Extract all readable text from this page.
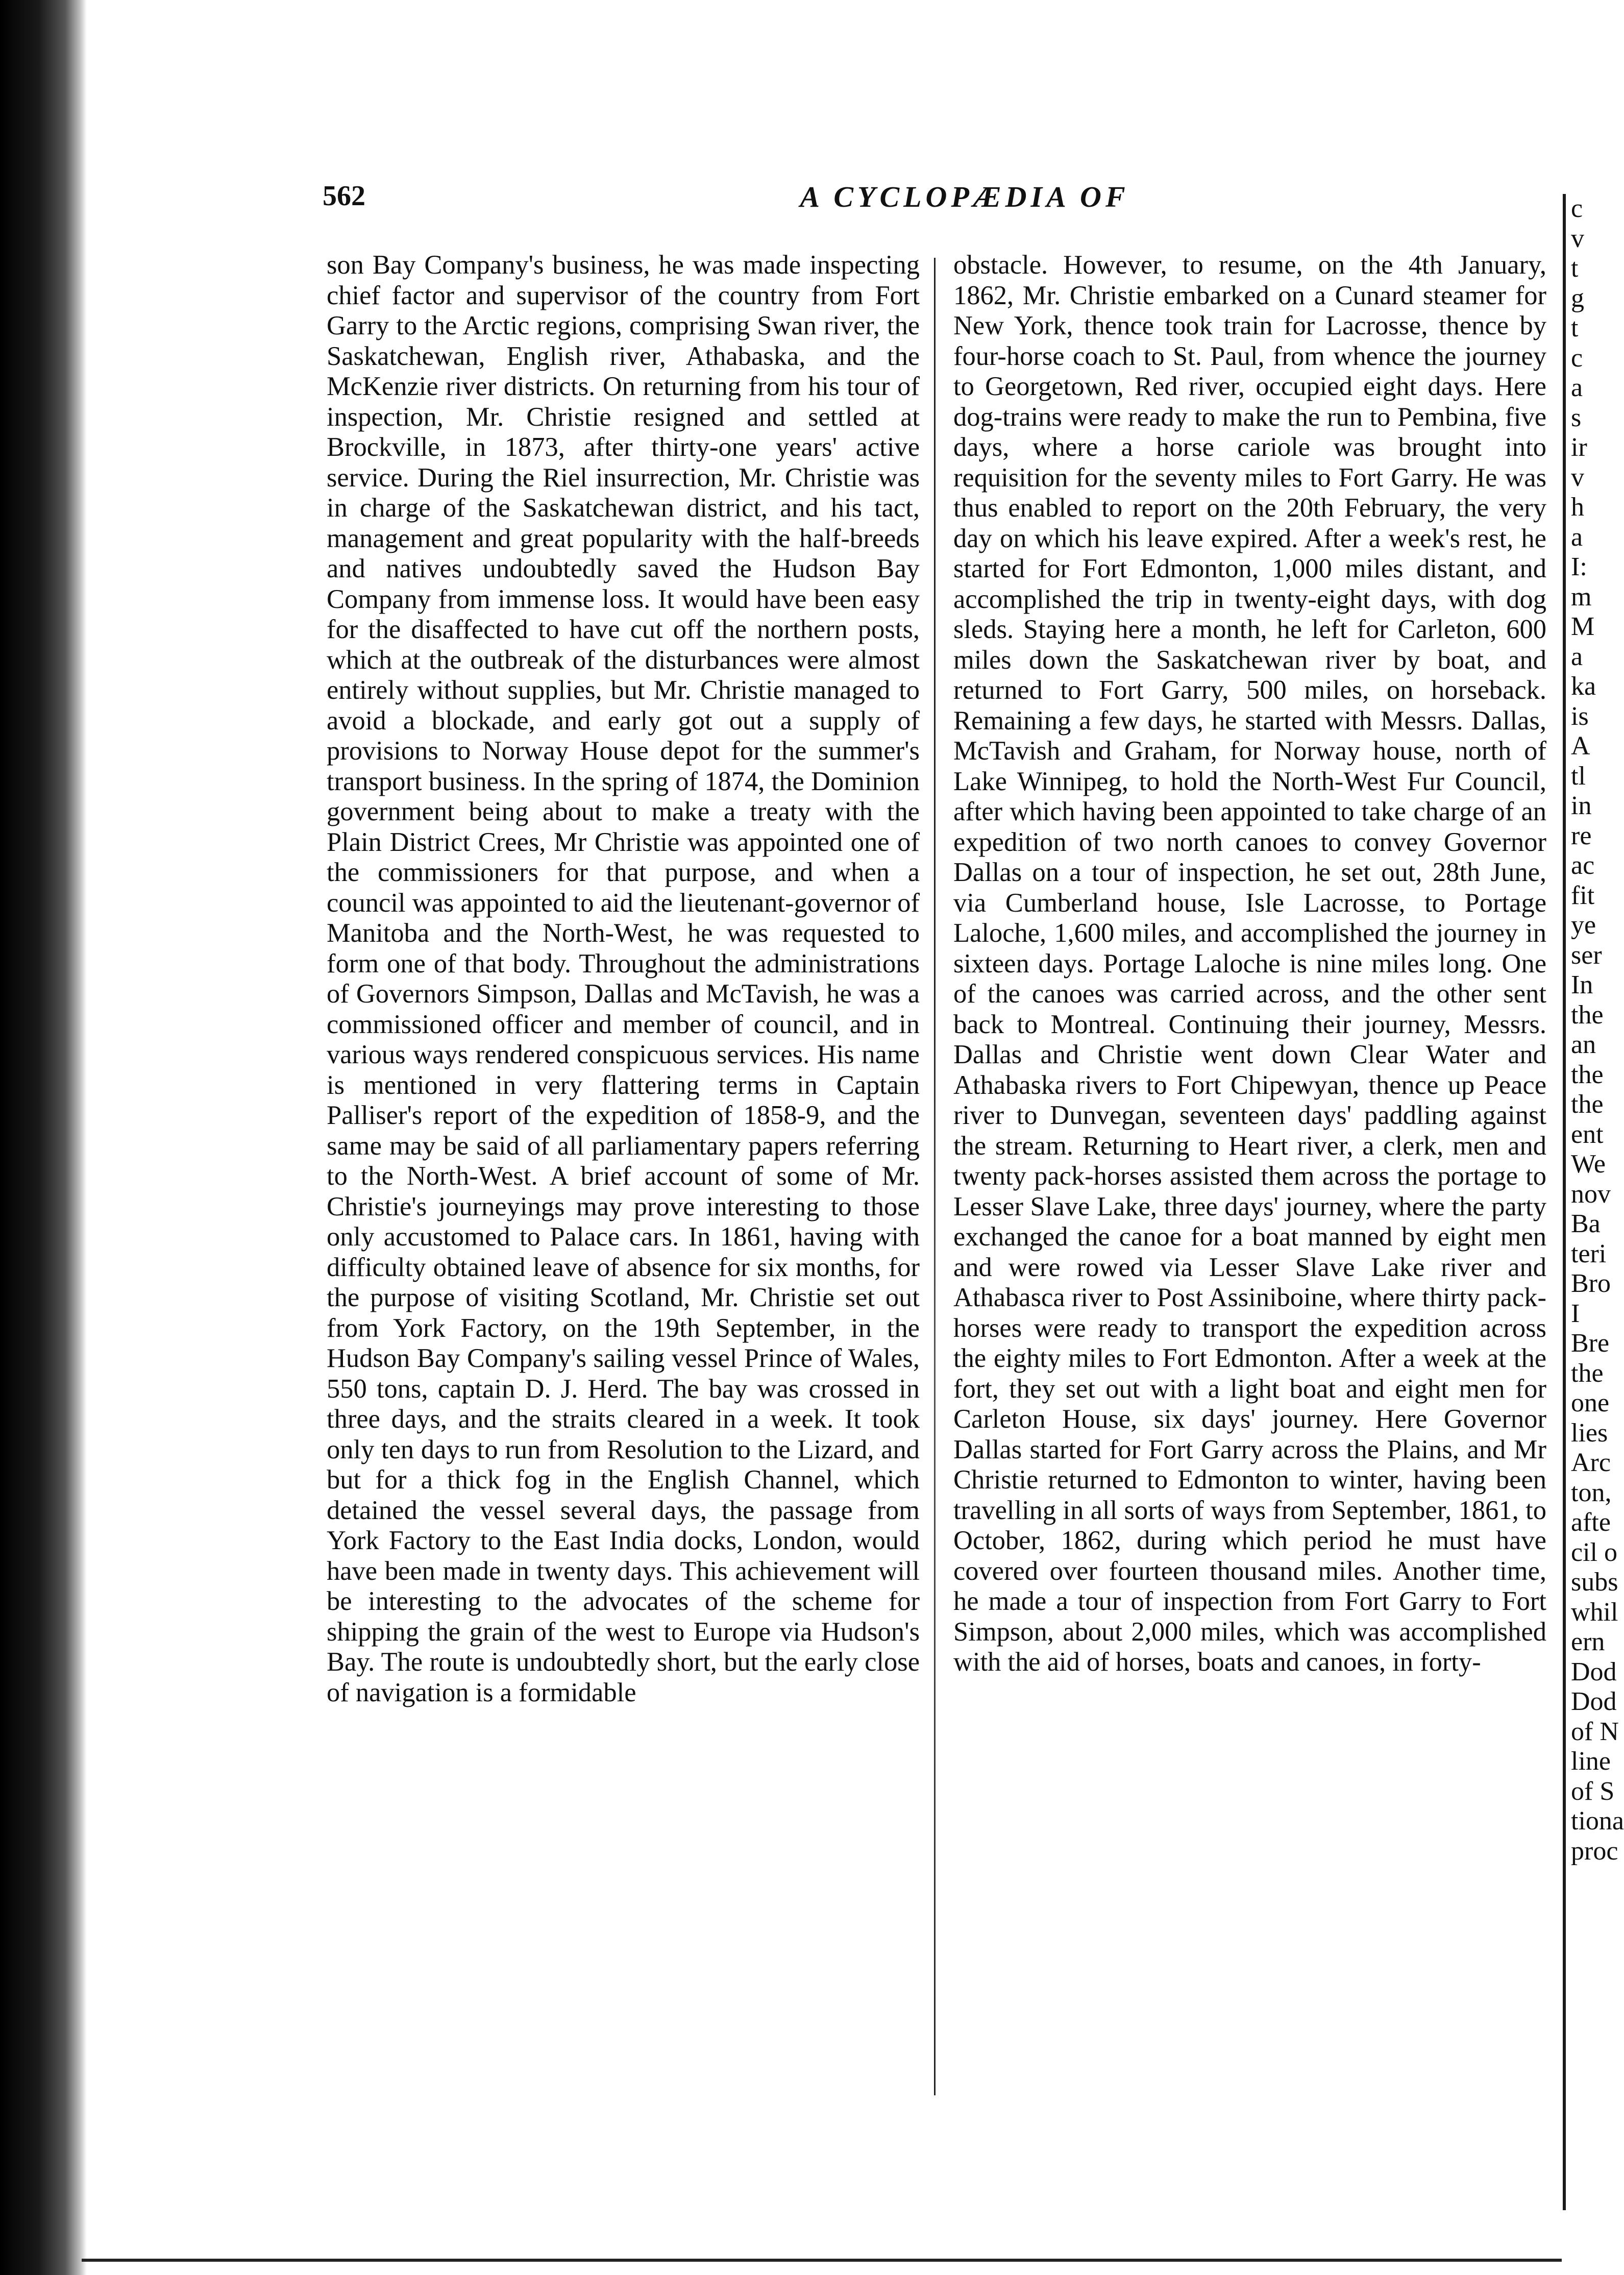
562	A CYCLOPÆDIA OF

son Bay Company's business, he was made inspecting chief factor and supervisor of the country from Fort Garry to the Arctic regions, comprising Swan river, the Saskatchewan, English river, Athabaska, and the McKenzie river districts. On returning from his tour of inspection, Mr. Christie resigned and settled at Brockville, in 1873, after thirty-one years' active service. During the Riel insurrection, Mr. Christie was in charge of the Saskatchewan district, and his tact, management and great popularity with the half-breeds and natives undoubtedly saved the Hudson Bay Company from immense loss. It would have been easy for the disaffected to have cut off the northern posts, which at the outbreak of the disturbances were almost entirely without supplies, but Mr. Christie managed to avoid a blockade, and early got out a supply of provisions to Norway House depot for the summer's transport business. In the spring of 1874, the Dominion government being about to make a treaty with the Plain District Crees, Mr Christie was appointed one of the commissioners for that purpose, and when a council was appointed to aid the lieutenant-governor of Manitoba and the North-West, he was requested to form one of that body. Throughout the administrations of Governors Simpson, Dallas and McTavish, he was a commissioned officer and member of council, and in various ways rendered conspicuous services. His name is mentioned in very flattering terms in Captain Palliser's report of the expedition of 1858-9, and the same may be said of all parliamentary papers referring to the North-West. A brief account of some of Mr. Christie's journeyings may prove interesting to those only accustomed to Palace cars. In 1861, having with difficulty obtained leave of absence for six months, for the purpose of visiting Scotland, Mr. Christie set out from York Factory, on the 19th September, in the Hudson Bay Company's sailing vessel Prince of Wales, 550 tons, captain D. J. Herd. The bay was crossed in three days, and the straits cleared in a week. It took only ten days to run from Resolution to the Lizard, and but for a thick fog in the English Channel, which detained the vessel several days, the passage from York Factory to the East India docks, London, would have been made in twenty days. This achievement will be interesting to the advocates of the scheme for shipping the grain of the west to Europe via Hudson's Bay. The route is undoubtedly short, but the early close of navigation is a formidable

obstacle. However, to resume, on the 4th January, 1862, Mr. Christie embarked on a Cunard steamer for New York, thence took train for Lacrosse, thence by four-horse coach to St. Paul, from whence the journey to Georgetown, Red river, occupied eight days. Here dog-trains were ready to make the run to Pembina, five days, where a horse cariole was brought into requisition for the seventy miles to Fort Garry. He was thus enabled to report on the 20th February, the very day on which his leave expired. After a week's rest, he started for Fort Edmonton, 1,000 miles distant, and accomplished the trip in twenty-eight days, with dog sleds. Staying here a month, he left for Carleton, 600 miles down the Saskatchewan river by boat, and returned to Fort Garry, 500 miles, on horseback. Remaining a few days, he started with Messrs. Dallas, McTavish and Graham, for Norway house, north of Lake Winnipeg, to hold the North-West Fur Council, after which having been appointed to take charge of an expedition of two north canoes to convey Governor Dallas on a tour of inspection, he set out, 28th June, via Cumberland house, Isle Lacrosse, to Portage Laloche, 1,600 miles, and accomplished the journey in sixteen days. Portage Laloche is nine miles long. One of the canoes was carried across, and the other sent back to Montreal. Continuing their journey, Messrs. Dallas and Christie went down Clear Water and Athabaska rivers to Fort Chipewyan, thence up Peace river to Dunvegan, seventeen days' paddling against the stream. Returning to Heart river, a clerk, men and twenty pack-horses assisted them across the portage to Lesser Slave Lake, three days' journey, where the party exchanged the canoe for a boat manned by eight men and were rowed via Lesser Slave Lake river and Athabasca river to Post Assiniboine, where thirty pack-horses were ready to transport the expedition across the eighty miles to Fort Edmonton. After a week at the fort, they set out with a light boat and eight men for Carleton House, six days' journey. Here Governor Dallas started for Fort Garry across the Plains, and Mr Christie returned to Edmonton to winter, having been travelling in all sorts of ways from September, 1861, to October, 1862, during which period he must have covered over fourteen thousand miles. Another time, he made a tour of inspection from Fort Garry to Fort Simpson, about 2,000 miles, which was accomplished with the aid of horses, boats and canoes, in forty-

c
v
t
g
t
c
a
s
ir
v
h
a
I:
m
M
a
ka
is
A
tl
in
re
ac
fit
ye
ser
In
the
an
the
the
ent
We
nov
Ba
teri
Bro
I
Bre
the
one
lies
Arc
ton,
afte
cil o
subs
whil
ern
Dod
Dod
of N
line
of S
tiona
proc
